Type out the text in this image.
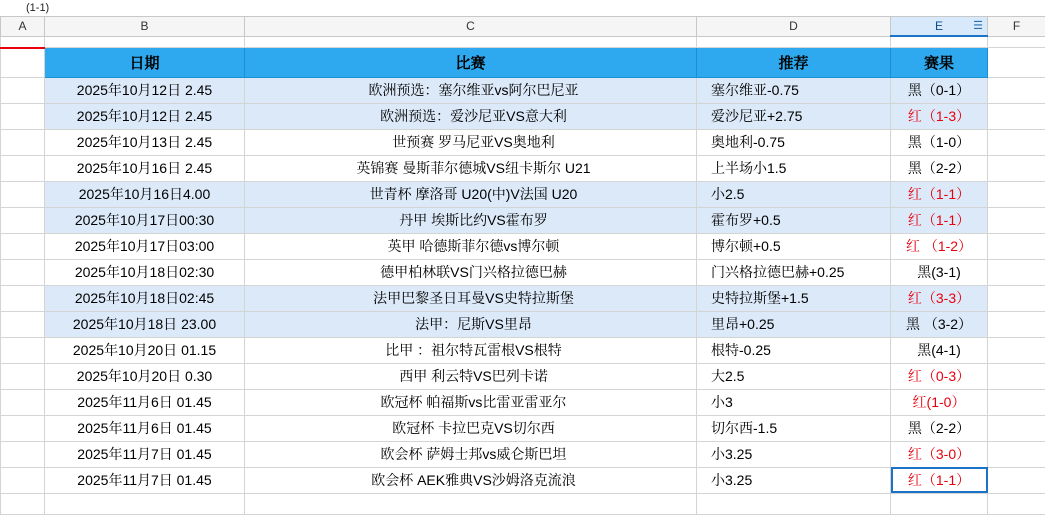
(1-1)
A	B	C	D	E ☰	F

	日期	比赛	推荐	赛果	
	2025年10月12日 2.45	欧洲预选：塞尔维亚vs阿尔巴尼亚	塞尔维亚-0.75	黑（0-1）	
	2025年10月12日 2.45	欧洲预选：爱沙尼亚VS意大利	爱沙尼亚+2.75	红（1-3）	
	2025年10月13日 2.45	世预赛 罗马尼亚VS奥地利	奥地利-0.75	黑（1-0）	
	2025年10月16日 2.45	英锦赛 曼斯菲尔德城VS纽卡斯尔 U21	上半场小1.5	黑（2-2）	
	2025年10月16日4.00	世青杯 摩洛哥 U20(中)V法国 U20	小2.5	红（1-1）	
	2025年10月17日00:30	丹甲 埃斯比约VS霍布罗	霍布罗+0.5	红（1-1）	
	2025年10月17日03:00	英甲 哈德斯菲尔德vs博尔顿	博尔顿+0.5	红 （1-2）	
	2025年10月18日02:30	德甲柏林联VS门兴格拉德巴赫	门兴格拉德巴赫+0.25	黑(3-1)	
	2025年10月18日02:45	法甲巴黎圣日耳曼VS史特拉斯堡	史特拉斯堡+1.5	红（3-3）	
	2025年10月18日 23.00	法甲：尼斯VS里昂	里昂+0.25	黑 （3-2）	
	2025年10月20日 01.15	比甲 ：祖尔特瓦雷根VS根特	根特-0.25	黑(4-1)	
	2025年10月20日 0.30	西甲 利云特VS巴列卡诺	大2.5	红（0-3）	
	2025年11月6日 01.45	欧冠杯 帕福斯vs比雷亚雷亚尔	小3	红(1-0）	
	2025年11月6日 01.45	欧冠杯 卡拉巴克VS切尔西	切尔西-1.5	黑（2-2）	
	2025年11月7日 01.45	欧会杯 萨姆士邦vs威仑斯巴坦	小3.25	红（3-0）	
	2025年11月7日 01.45	欧会杯 AEK雅典VS沙姆洛克流浪	小3.25	红（1-1）	
